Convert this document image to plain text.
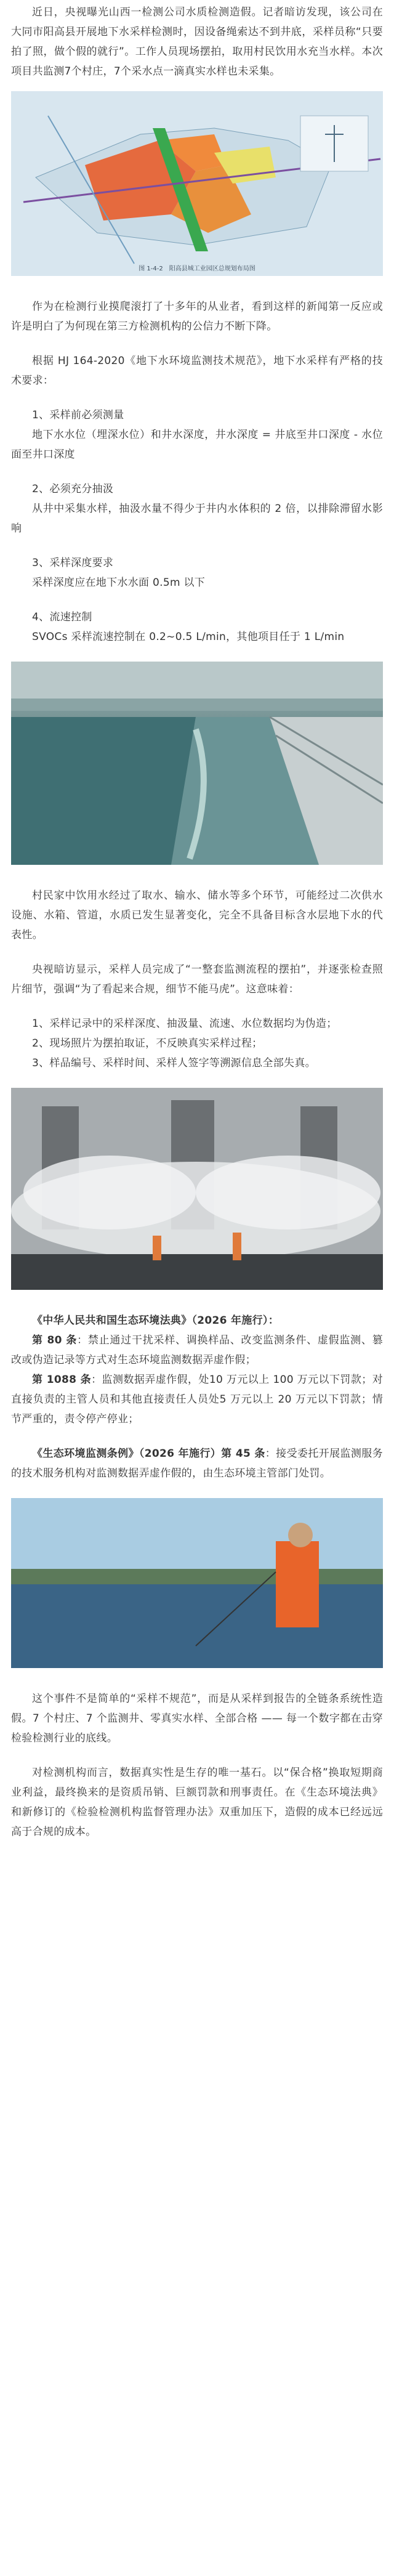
近日，央视曝光山西一检测公司水质检测造假。记者暗访发现，该公司在大同市阳高县开展地下水采样检测时，因设备绳索达不到井底，采样员称“只要拍了照，做个假的就行”。工作人员现场摆拍，取用村民饮用水充当水样。本次项目共监测7个村庄，7个采水点一滴真实水样也未采集。

图 1-4-2　阳高县城工业园区总规划布局图

作为在检测行业摸爬滚打了十多年的从业者，看到这样的新闻第一反应或许是明白了为何现在第三方检测机构的公信力不断下降。

根据 HJ 164-2020《地下水环境监测技术规范》，地下水采样有严格的技术要求：

1、采样前必须测量

地下水水位（埋深水位）和井水深度，井水深度 = 井底至井口深度 - 水位面至井口深度

2、必须充分抽汲

从井中采集水样，抽汲水量不得少于井内水体积的 2 倍，以排除滞留水影响

3、采样深度要求

采样深度应在地下水水面 0.5m 以下

4、流速控制

SVOCs 采样流速控制在 0.2~0.5 L/min，其他项目任于 1 L/min

村民家中饮用水经过了取水、输水、储水等多个环节，可能经过二次供水设施、水箱、管道，水质已发生显著变化，完全不具备目标含水层地下水的代表性。

央视暗访显示，采样人员完成了“一整套监测流程的摆拍”，并逐张检查照片细节，强调“为了看起来合规，细节不能马虎”。这意味着：

1、采样记录中的采样深度、抽汲量、流速、水位数据均为伪造；

2、现场照片为摆拍取证，不反映真实采样过程；

3、样品编号、采样时间、采样人签字等溯源信息全部失真。

《中华人民共和国生态环境法典》（2026 年施行）：

第 80 条：禁止通过干扰采样、调换样品、改变监测条件、虚假监测、篡改或伪造记录等方式对生态环境监测数据弄虚作假；

第 1088 条：监测数据弄虚作假，处10 万元以上 100 万元以下罚款；对直接负责的主管人员和其他直接责任人员处5 万元以上 20 万元以下罚款；情节严重的，责令停产停业；

《生态环境监测条例》（2026 年施行）第 45 条：接受委托开展监测服务的技术服务机构对监测数据弄虚作假的，由生态环境主管部门处罚。

这个事件不是简单的“采样不规范”，而是从采样到报告的全链条系统性造假。7 个村庄、7 个监测井、零真实水样、全部合格 —— 每一个数字都在击穿检验检测行业的底线。

对检测机构而言，数据真实性是生存的唯一基石。以“保合格”换取短期商业利益，最终换来的是资质吊销、巨额罚款和刑事责任。在《生态环境法典》和新修订的《检验检测机构监督管理办法》双重加压下，造假的成本已经远远高于合规的成本。
